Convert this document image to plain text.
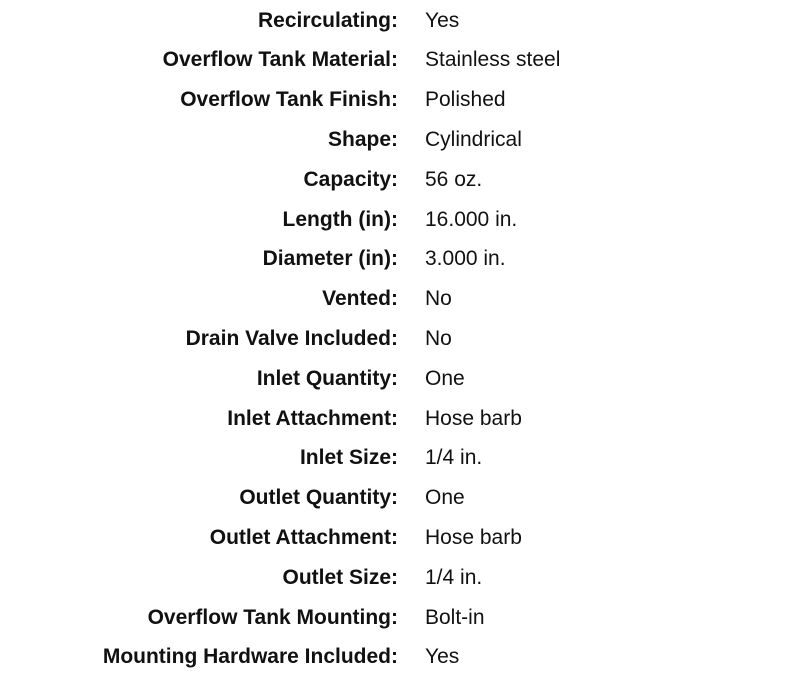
Recirculating:	Yes
Overflow Tank Material:	Stainless steel
Overflow Tank Finish:	Polished
Shape:	Cylindrical
Capacity:	56 oz.
Length (in):	16.000 in.
Diameter (in):	3.000 in.
Vented:	No
Drain Valve Included:	No
Inlet Quantity:	One
Inlet Attachment:	Hose barb
Inlet Size:	1/4 in.
Outlet Quantity:	One
Outlet Attachment:	Hose barb
Outlet Size:	1/4 in.
Overflow Tank Mounting:	Bolt-in
Mounting Hardware Included:	Yes
